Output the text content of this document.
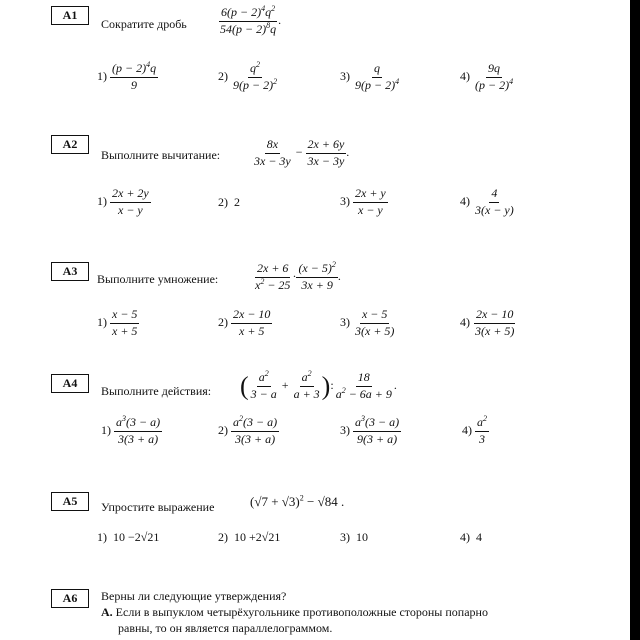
A1
Сократите дробь	$\frac{6(p - 2)^4q^2}{54(p - 2)^8q}$ .
$1) \frac{(p - 2)^4q}{9}$	$2) \frac{q^2}{9(p - 2)^2}$	$3) \frac{q}{9(p - 2)^4}$	$4) \frac{9q}{(p - 2)^4}$
A2
Выполните вычитание:	$\frac{8x}{3x - 3y} - \frac{2x + 6y}{3x - 3y}$ .
$1) \frac{2x + 2y}{x - y}$	2) 2	$3) \frac{2x + y}{x - y}$	$4) \frac{4}{3(x - y)}$
A3
Выполните умножение:	$\frac{2x + 6}{x^2 - 25} \cdot \frac{(x - 5)^2}{3x + 9}$ .
$1) \frac{x - 5}{x + 5}$	$2) \frac{2x - 10}{x + 5}$	$3) \frac{x - 5}{3(x + 5)}$	$4) \frac{2x - 10}{3(x + 5)}$
A4
Выполните действия: ( $\frac{a^2}{3 - a} + \frac{a^2}{a + 3}$ ): $\frac{18}{a^2 - 6a + 9}$ .
$1) \frac{a^3(3 - a)}{3(3 + a)}$	$2) \frac{a^2(3 - a)}{3(3 + a)}$	$3) \frac{a^3(3 - a)}{9(3 + a)}$	$4) \frac{a^2}{3}$
A5	Упростите выражение	$(√7 + √3)^2 - √84$ .
1) 10 −2√21	2) 10 +2√21	3) 10	4) 4
A6	Верны ли следующие утверждения?
А. Если в выпуклом четырёхугольнике противоположные стороны попарно
равны, то он является параллелограммом.
